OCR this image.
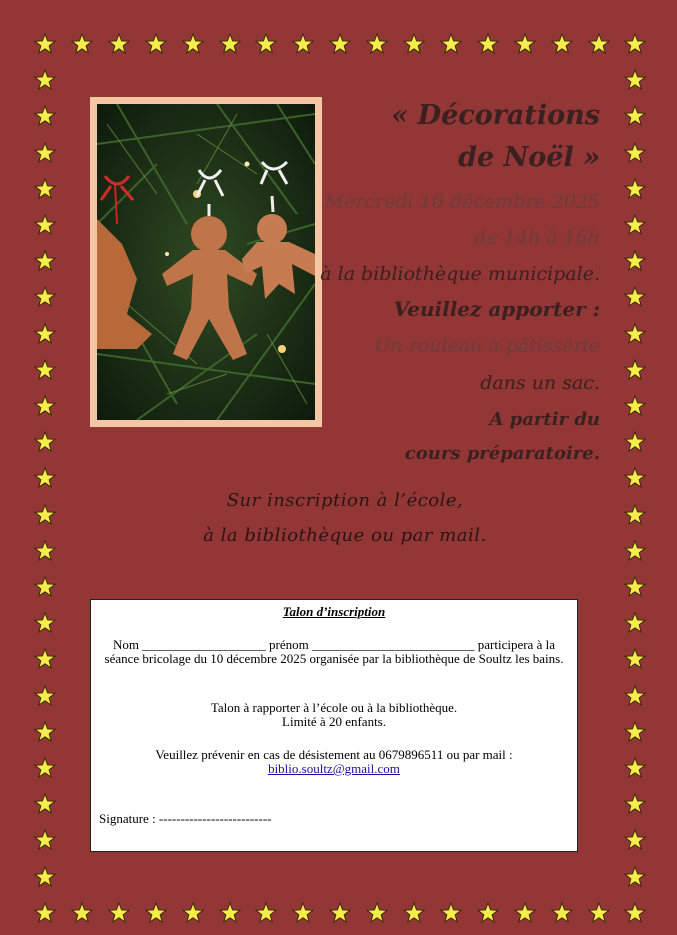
« Décorations
de Noël »
Mercredi 10 décembre 2025
de 14h à 16h
à la bibliothèque municipale.
Veuillez apporter :
Un rouleau à pâtisserie
dans un sac.
A partir du
cours préparatoire.
Sur inscription à l’école,
à la bibliothèque ou par mail.
Talon d’inscription
Nom ___________________ prénom _________________________ participera à la séance bricolage du 10 décembre 2025 organisée par la bibliothèque de Soultz les bains.
Talon à rapporter à l’école ou à la bibliothèque.
Limité à 20 enfants.
Veuillez prévenir en cas de désistement au 0679896511 ou par mail :
biblio.soultz@gmail.com
Signature : --------------------------
